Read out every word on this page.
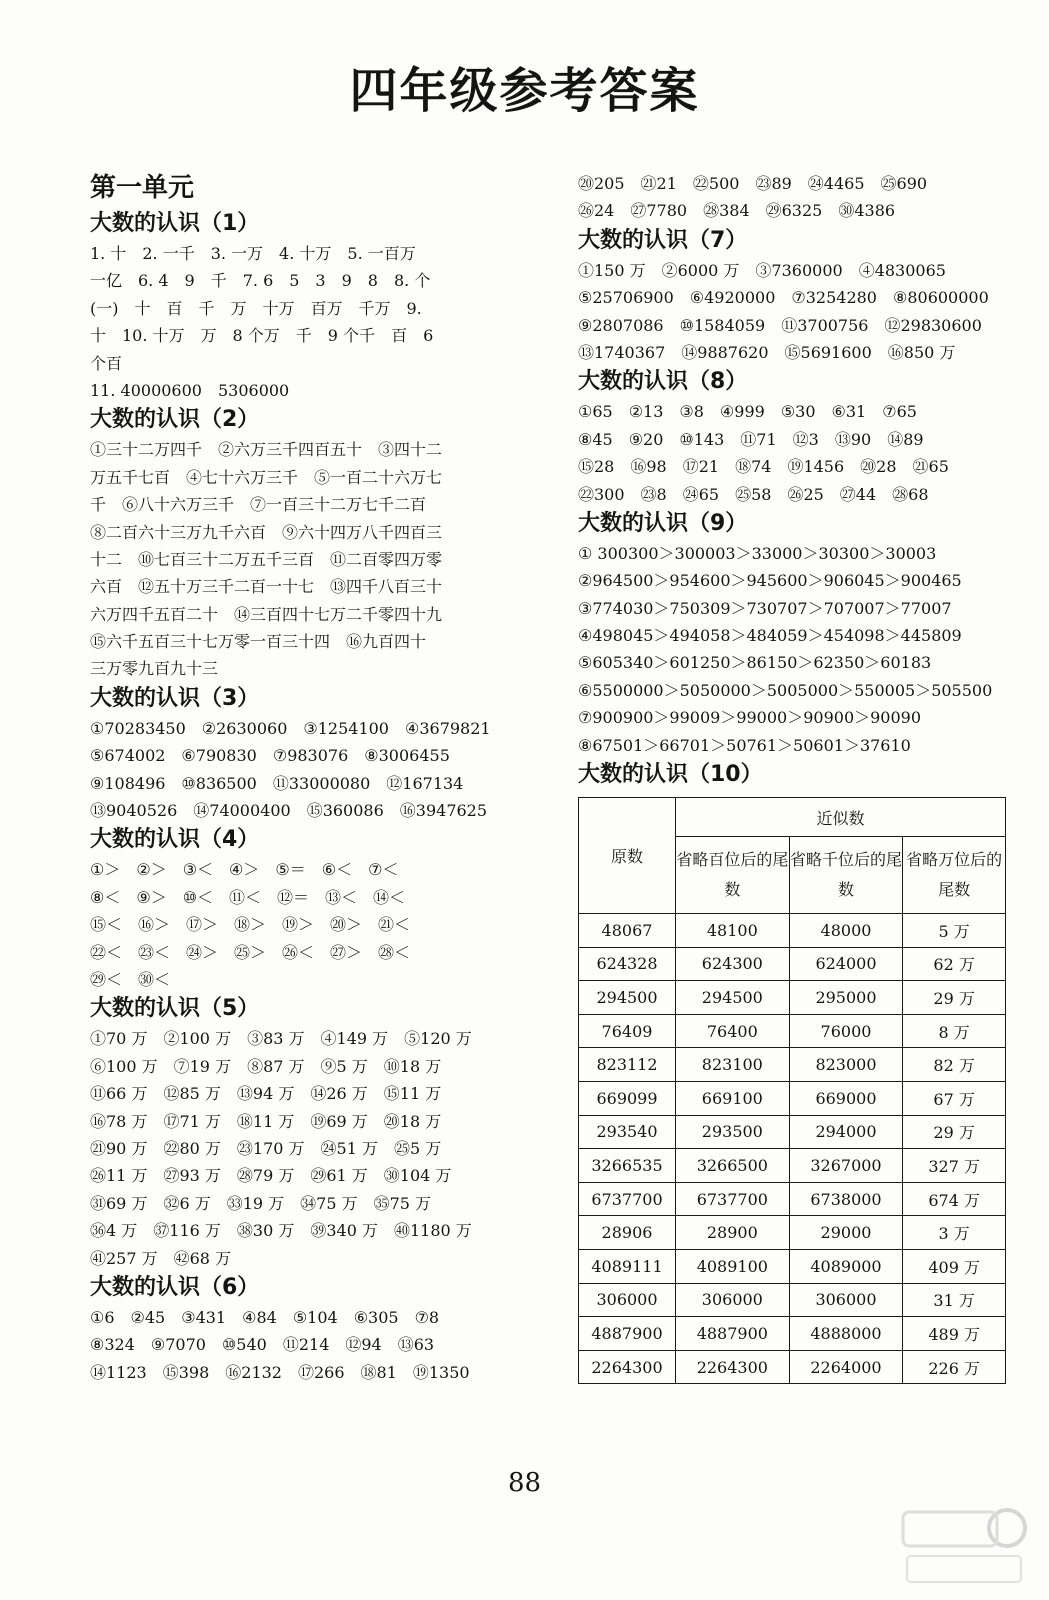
四年级参考答案
第一单元
大数的认识（1）
1. 十　2. 一千　3. 一万　4. 十万　5. 一百万
一亿　6. 4　9　千　7. 6　5　3　9　8　8. 个
(一)　十　百　千　万　十万　百万　千万　9.
十　10. 十万　万　8 个万　千　9 个千　百　6
个百
11. 40000600　5306000
大数的认识（2）
①三十二万四千　②六万三千四百五十　③四十二
万五千七百　④七十六万三千　⑤一百二十六万七
千　⑥八十六万三千　⑦一百三十二万七千二百
⑧二百六十三万九千六百　⑨六十四万八千四百三
十二　⑩七百三十二万五千三百　⑪二百零四万零
六百　⑫五十万三千二百一十七　⑬四千八百三十
六万四千五百二十　⑭三百四十七万二千零四十九
⑮六千五百三十七万零一百三十四　⑯九百四十
三万零九百九十三
大数的认识（3）
①70283450　②2630060　③1254100　④3679821
⑤674002　⑥790830　⑦983076　⑧3006455
⑨108496　⑩836500　⑪33000080　⑫167134
⑬9040526　⑭74000400　⑮360086　⑯3947625
大数的认识（4）
①＞　②＞　③＜　④＞　⑤＝　⑥＜　⑦＜
⑧＜　⑨＞　⑩＜　⑪＜　⑫＝　⑬＜　⑭＜
⑮＜　⑯＞　⑰＞　⑱＞　⑲＞　⑳＞　㉑＜
㉒＜　㉓＜　㉔＞　㉕＞　㉖＜　㉗＞　㉘＜
㉙＜　㉚＜
大数的认识（5）
①70 万　②100 万　③83 万　④149 万　⑤120 万
⑥100 万　⑦19 万　⑧87 万　⑨5 万　⑩18 万
⑪66 万　⑫85 万　⑬94 万　⑭26 万　⑮11 万
⑯78 万　⑰71 万　⑱11 万　⑲69 万　⑳18 万
㉑90 万　㉒80 万　㉓170 万　㉔51 万　㉕5 万
㉖11 万　㉗93 万　㉘79 万　㉙61 万　㉚104 万
㉛69 万　㉜6 万　㉝19 万　㉞75 万　㉟75 万
㊱4 万　㊲116 万　㊳30 万　㊴340 万　㊵1180 万
㊶257 万　㊷68 万
大数的认识（6）
①6　②45　③431　④84　⑤104　⑥305　⑦8
⑧324　⑨7070　⑩540　⑪214　⑫94　⑬63
⑭1123　⑮398　⑯2132　⑰266　⑱81　⑲1350
⑳205　㉑21　㉒500　㉓89　㉔4465　㉕690
㉖24　㉗7780　㉘384　㉙6325　㉚4386
大数的认识（7）
①150 万　②6000 万　③7360000　④4830065
⑤25706900　⑥4920000　⑦3254280　⑧80600000
⑨2807086　⑩1584059　⑪3700756　⑫29830600
⑬1740367　⑭9887620　⑮5691600　⑯850 万
大数的认识（8）
①65　②13　③8　④999　⑤30　⑥31　⑦65
⑧45　⑨20　⑩143　⑪71　⑫3　⑬90　⑭89
⑮28　⑯98　⑰21　⑱74　⑲1456　⑳28　㉑65
㉒300　㉓8　㉔65　㉕58　㉖25　㉗44　㉘68
大数的认识（9）
① 300300＞300003＞33000＞30300＞30003
②964500＞954600＞945600＞906045＞900465
③774030＞750309＞730707＞707007＞77007
④498045＞494058＞484059＞454098＞445809
⑤605340＞601250＞86150＞62350＞60183
⑥5500000＞5050000＞5005000＞550005＞505500
⑦900900＞99009＞99000＞90900＞90090
⑧67501＞66701＞50761＞50601＞37610
大数的认识（10）
原数	近似数		
	省略百位后的尾数	省略千位后的尾数	省略万位后的尾数
48067	48100	48000	5 万
624328	624300	624000	62 万
294500	294500	295000	29 万
76409	76400	76000	8 万
823112	823100	823000	82 万
669099	669100	669000	67 万
293540	293500	294000	29 万
3266535	3266500	3267000	327 万
6737700	6737700	6738000	674 万
28906	28900	29000	3 万
4089111	4089100	4089000	409 万
306000	306000	306000	31 万
4887900	4887900	4888000	489 万
2264300	2264300	2264000	226 万
88
